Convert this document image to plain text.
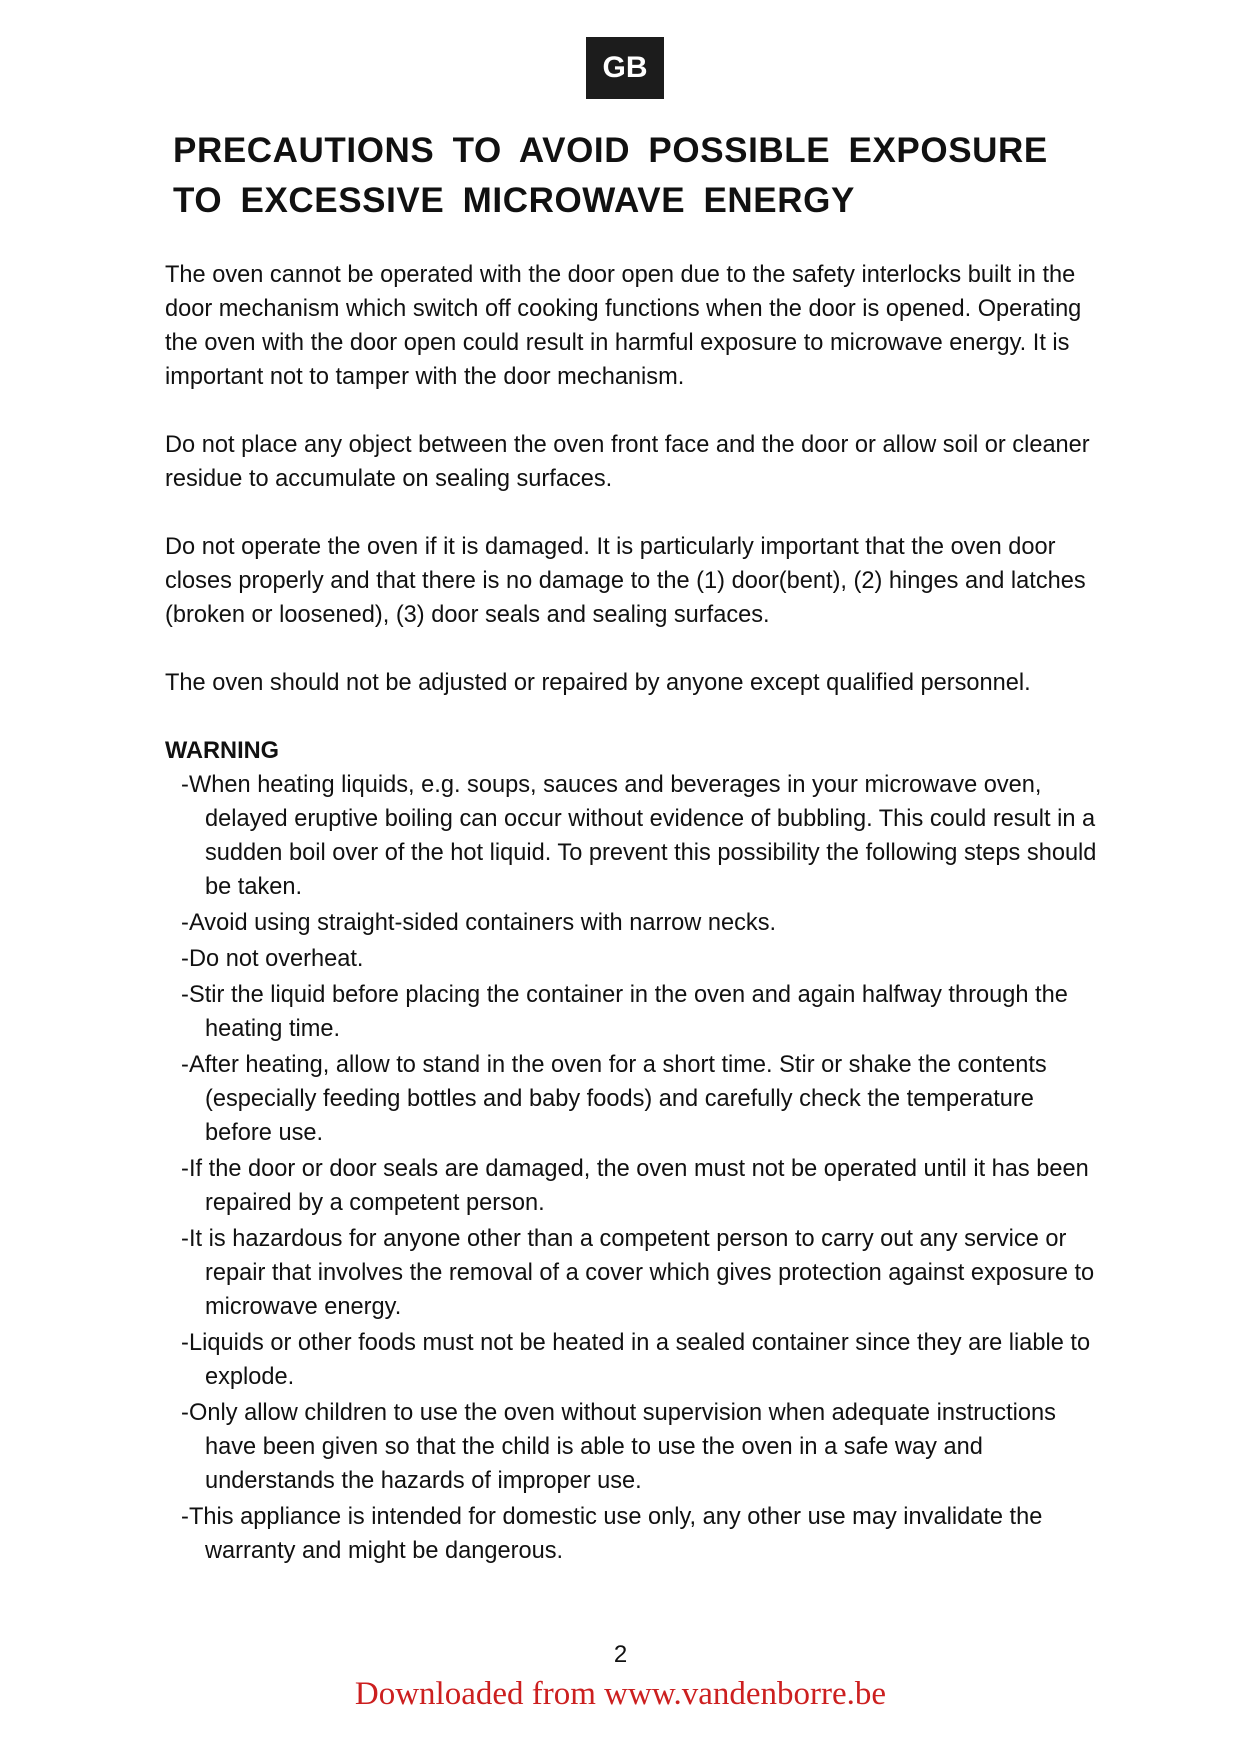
GB
PRECAUTIONS TO AVOID POSSIBLE EXPOSURE
TO EXCESSIVE MICROWAVE ENERGY

The oven cannot be operated with the door open due to the safety interlocks built in the door mechanism which switch off cooking functions when the door is opened. Operating the oven with the door open could result in harmful exposure to microwave energy. It is important not to tamper with the door mechanism.

Do not place any object between the oven front face and the door or allow soil or cleaner residue to accumulate on sealing surfaces.

Do not operate the oven if it is damaged. It is particularly important that the oven door closes properly and that there is no damage to the (1) door(bent), (2) hinges and latches (broken or loosened), (3) door seals and sealing surfaces.

The oven should not be adjusted or repaired by anyone except qualified personnel.

WARNING
- When heating liquids, e.g. soups, sauces and beverages in your microwave oven, delayed eruptive boiling can occur without evidence of bubbling. This could result in a sudden boil over of the hot liquid. To prevent this possibility the following steps should be taken.
- Avoid using straight-sided containers with narrow necks.
- Do not overheat.
- Stir the liquid before placing the container in the oven and again halfway through the heating time.
- After heating, allow to stand in the oven for a short time. Stir or shake the contents (especially feeding bottles and baby foods) and carefully check the temperature before use.
- If the door or door seals are damaged, the oven must not be operated until it has been repaired by a competent person.
- It is hazardous for anyone other than a competent person to carry out any service or repair that involves the removal of a cover which gives protection against exposure to microwave energy.
- Liquids or other foods must not be heated in a sealed container since they are liable to explode.
- Only allow children to use the oven without supervision when adequate instructions have been given so that the child is able to use the oven in a safe way and understands the hazards of improper use.
- This appliance is intended for domestic use only, any other use may invalidate the warranty and might be dangerous.
2
Downloaded from www.vandenborre.be
